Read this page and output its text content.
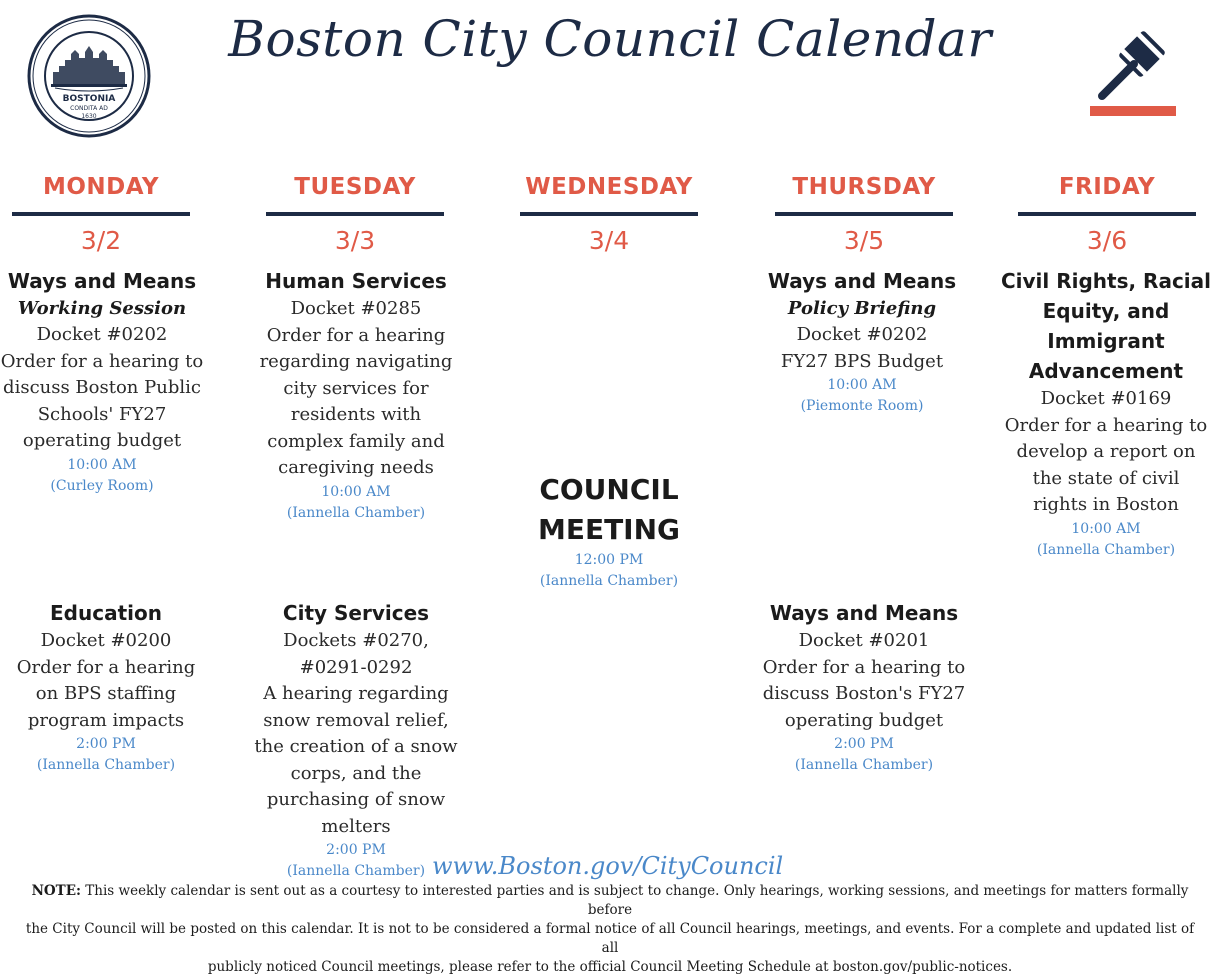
BOSTONIA
CONDITA AD
1630
Boston City Council Calendar
MONDAY
3/2
TUESDAY
3/3
WEDNESDAY
3/4
THURSDAY
3/5
FRIDAY
3/6
Ways and Means
Working Session
Docket #0202
Order for a hearing to
discuss Boston Public
Schools' FY27
operating budget
10:00 AM
(Curley Room)
Education
Docket #0200
Order for a hearing
on BPS staffing
program impacts
2:00 PM
(Iannella Chamber)
Human Services
Docket #0285
Order for a hearing
regarding navigating
city services for
residents with
complex family and
caregiving needs
10:00 AM
(Iannella Chamber)
City Services
Dockets #0270,
#0291-0292
A hearing regarding
snow removal relief,
the creation of a snow
corps, and the
purchasing of snow
melters
2:00 PM
(Iannella Chamber)
COUNCIL
MEETING
12:00 PM
(Iannella Chamber)
Ways and Means
Policy Briefing
Docket #0202
FY27 BPS Budget
10:00 AM
(Piemonte Room)
Ways and Means
Docket #0201
Order for a hearing to
discuss Boston's FY27
operating budget
2:00 PM
(Iannella Chamber)
Civil Rights, Racial
Equity, and
Immigrant
Advancement
Docket #0169
Order for a hearing to
develop a report on
the state of civil
rights in Boston
10:00 AM
(Iannella Chamber)
www.Boston.gov/CityCouncil
NOTE: This weekly calendar is sent out as a courtesy to interested parties and is subject to change. Only hearings, working sessions, and meetings for matters formally before
the City Council will be posted on this calendar. It is not to be considered a formal notice of all Council hearings, meetings, and events. For a complete and updated list of all
publicly noticed Council meetings, please refer to the official Council Meeting Schedule at boston.gov/public-notices.
